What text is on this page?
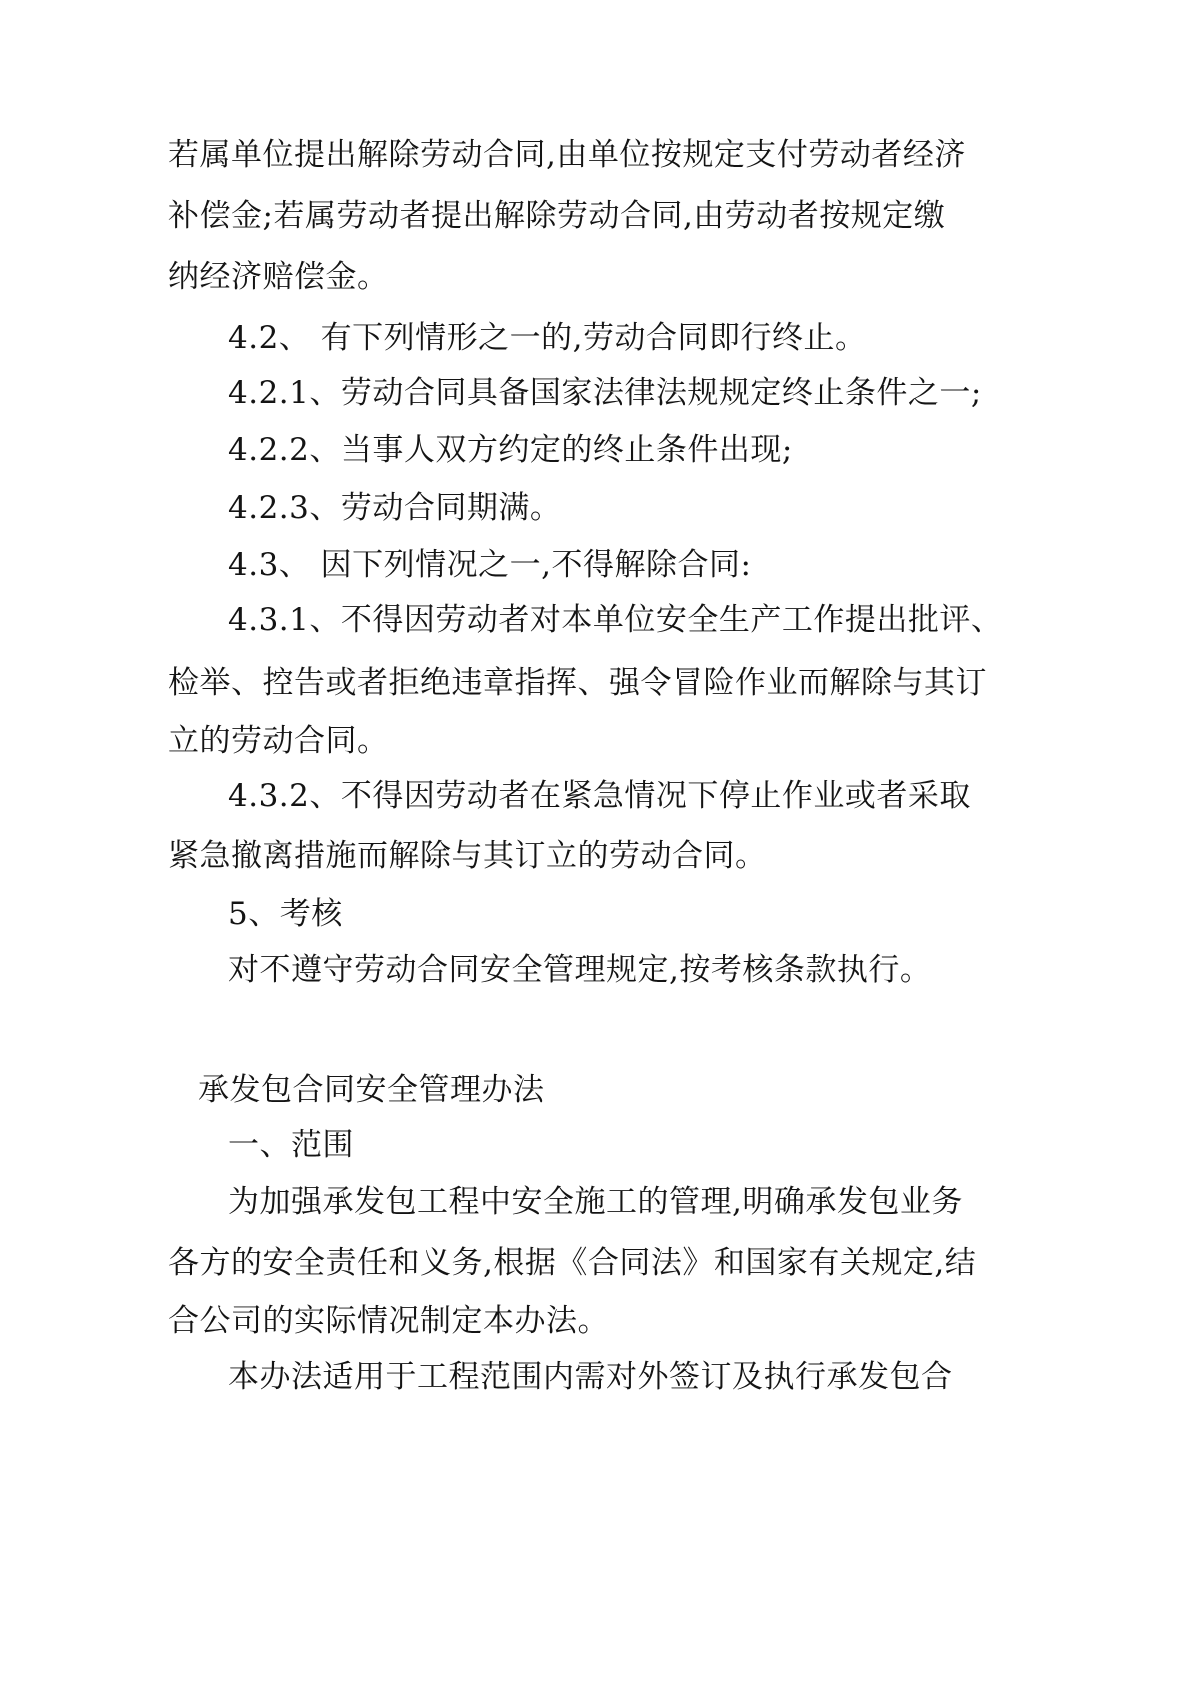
若属单位提出解除劳动合同,由单位按规定支付劳动者经济
补偿金;若属劳动者提出解除劳动合同,由劳动者按规定缴
纳经济赔偿金。
4.2、 有下列情形之一的,劳动合同即行终止。
4.2.1、劳动合同具备国家法律法规规定终止条件之一;
4.2.2、当事人双方约定的终止条件出现;
4.2.3、劳动合同期满。
4.3、 因下列情况之一,不得解除合同:
4.3.1、不得因劳动者对本单位安全生产工作提出批评、
检举、控告或者拒绝违章指挥、强令冒险作业而解除与其订
立的劳动合同。
4.3.2、不得因劳动者在紧急情况下停止作业或者采取
紧急撤离措施而解除与其订立的劳动合同。
5、考核
对不遵守劳动合同安全管理规定,按考核条款执行。
承发包合同安全管理办法
一、范围
为加强承发包工程中安全施工的管理,明确承发包业务
各方的安全责任和义务,根据《合同法》和国家有关规定,结
合公司的实际情况制定本办法。
本办法适用于工程范围内需对外签订及执行承发包合
